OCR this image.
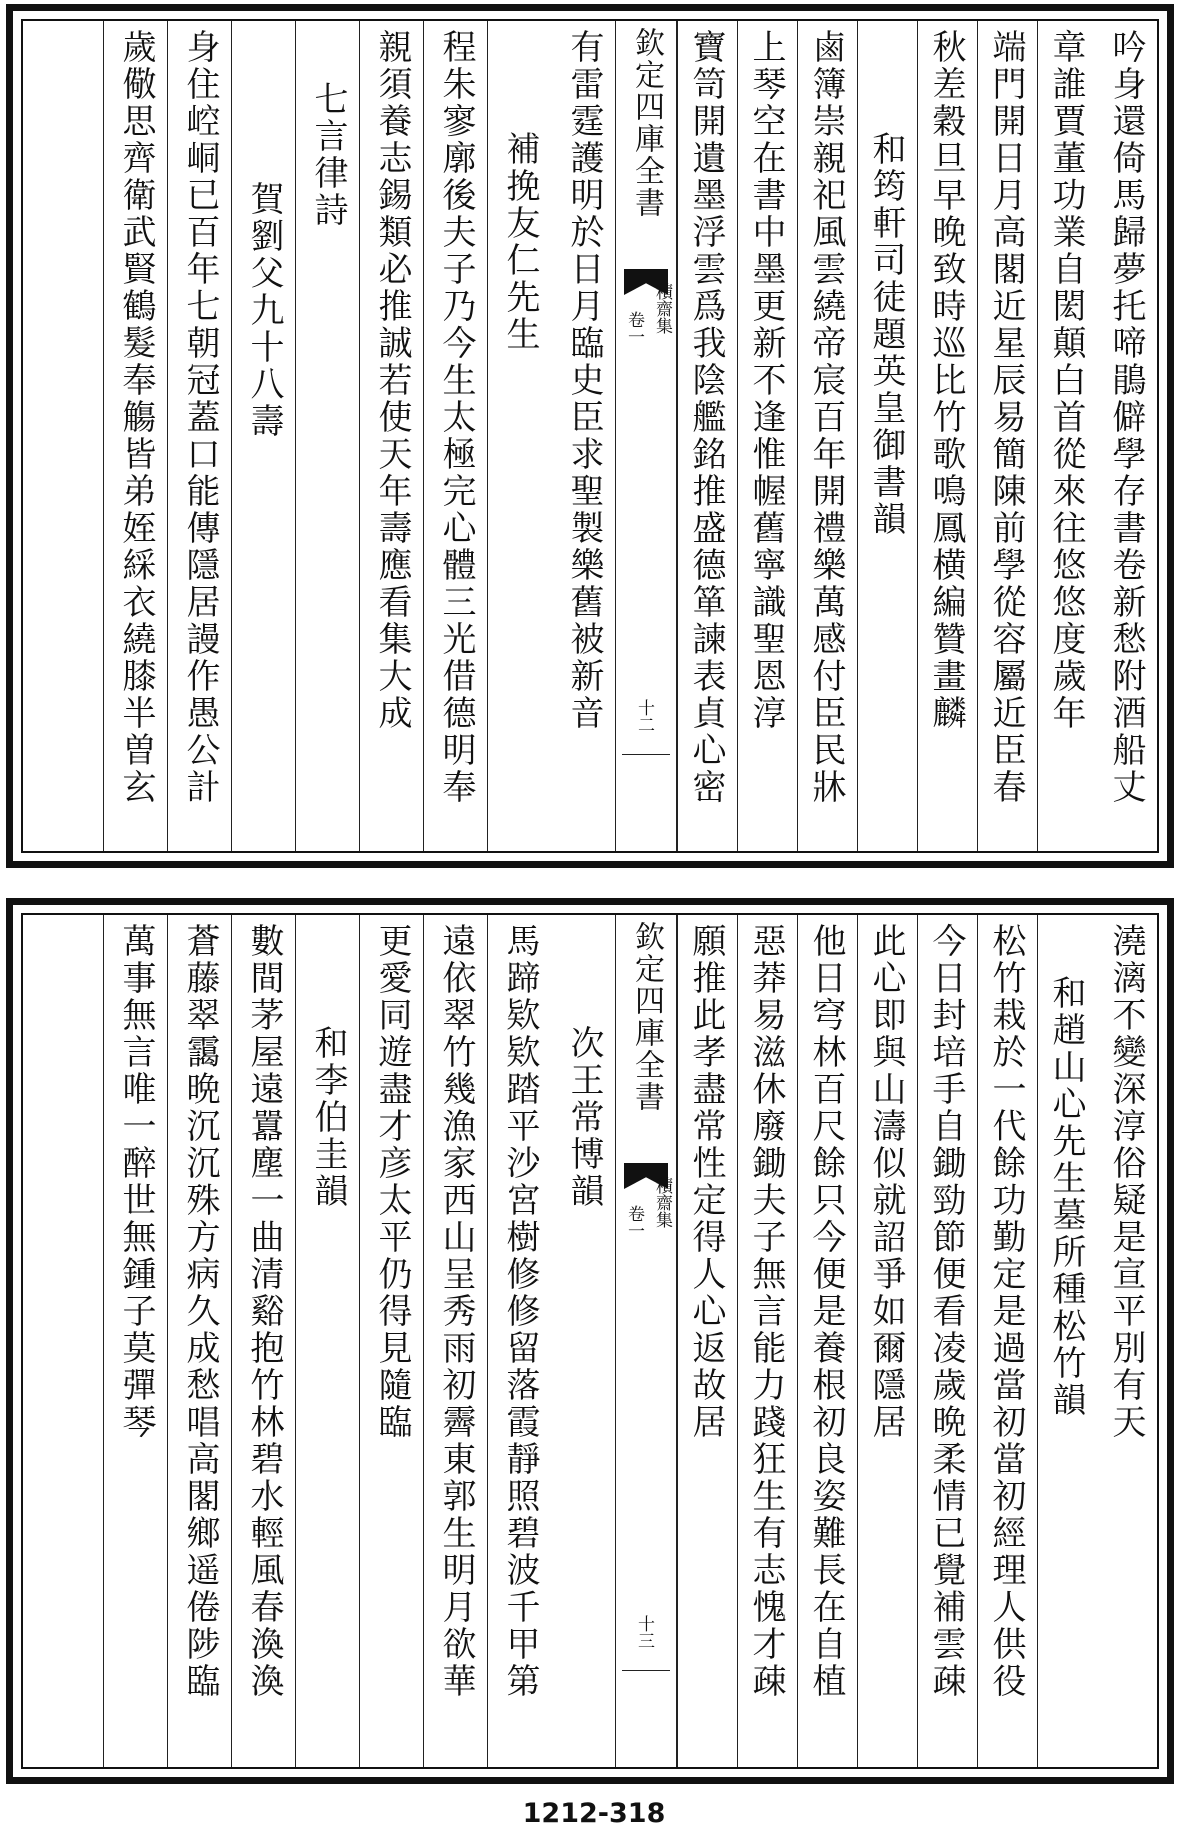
吟身還倚馬歸夢托啼鵑僻學存書卷新愁附酒船丈
章誰賈董功業自閎顛白首從來往悠悠度歲年
端門開日月高閣近星辰易簡陳前學從容屬近臣春
秋差穀旦早晚致時巡比竹歌鳴鳳横編贊畫麟
和筠軒司徒題英皇御書韻
鹵簿崇親祀風雲繞帝宸百年開禮樂萬感付臣民牀
上琴空在書中墨更新不逢惟幄舊寧識聖恩淳
寶笥開遺墨浮雲爲我陰艦銘推盛德箪諫表貞心密
欽定四庫全書
積齋集
卷一
十二
有雷霆護明於日月臨史臣求聖製樂舊被新音
補挽友仁先生
程朱寥廓後夫子乃今生太極完心體三光借德明奉
親須養志錫類必推誠若使天年壽應看集大成
七言律詩
賀劉父九十八壽
身住崆峒已百年七朝冠蓋口能傳隱居謾作愚公計
歲儆思齊衛武賢鶴髮奉觴皆弟姪綵衣繞膝半曽玄
澆漓不變深淳俗疑是宣平別有天
和趙山心先生墓所種松竹韻
松竹栽於一代餘功勤定是過當初當初經理人供役
今日封培手自鋤勁節便看凌歲晩柔情已覺補雲疎
此心即與山濤似就詔爭如爾隱居
他日穹林百尺餘只今便是養根初良姿難長在自植
惡莽易滋休廢鋤夫子無言能力踐狂生有志愧才疎
願推此孝盡常性定得人心返故居
欽定四庫全書
積齋集
卷一
十三
次王常博韻
馬蹄欵欵踏平沙宮樹修修留落霞靜照碧波千甲第
遠依翠竹幾漁家西山呈秀雨初霽東郭生明月欲華
更愛同遊盡才彦太平仍得見隨臨
和李伯圭韻
數間茅屋遠囂塵一曲清谿抱竹林碧水輕風春渙渙
蒼藤翠靄晩沉沉殊方病久成愁唱高閣鄉遥倦陟臨
萬事無言唯一醉世無鍾子莫彈琴
1212-318
